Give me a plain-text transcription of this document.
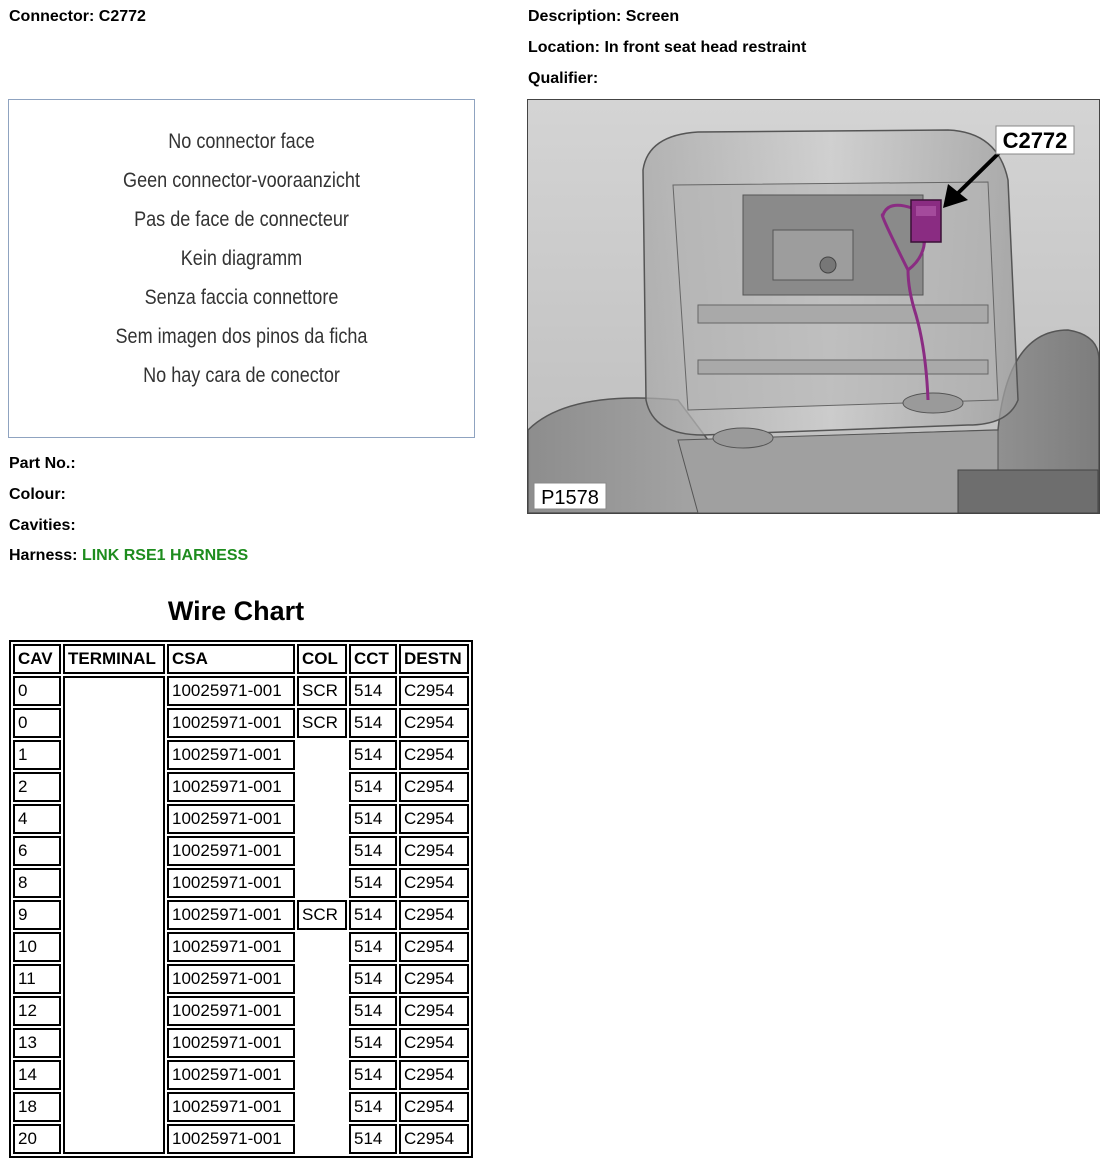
Connector: C2772	Description: Screen
Location: In front seat head restraint
Qualifier:
No connector face
Geen connector-vooraanzicht
Pas de face de connecteur
Kein diagramm
Senza faccia connettore
Sem imagen dos pinos da ficha
No hay cara de conector
C2772
P1578
Part No.:
Colour:
Cavities:
Harness: LINK RSE1 HARNESS
Wire Chart
CAV	TERMINAL	CSA	COL	CCT	DESTN
0		10025971-001	SCR	514	C2954
0		10025971-001	SCR	514	C2954
1		10025971-001		514	C2954
2		10025971-001		514	C2954
4		10025971-001		514	C2954
6		10025971-001		514	C2954
8		10025971-001		514	C2954
9		10025971-001	SCR	514	C2954
10		10025971-001		514	C2954
11		10025971-001		514	C2954
12		10025971-001		514	C2954
13		10025971-001		514	C2954
14		10025971-001		514	C2954
18		10025971-001		514	C2954
20		10025971-001		514	C2954
